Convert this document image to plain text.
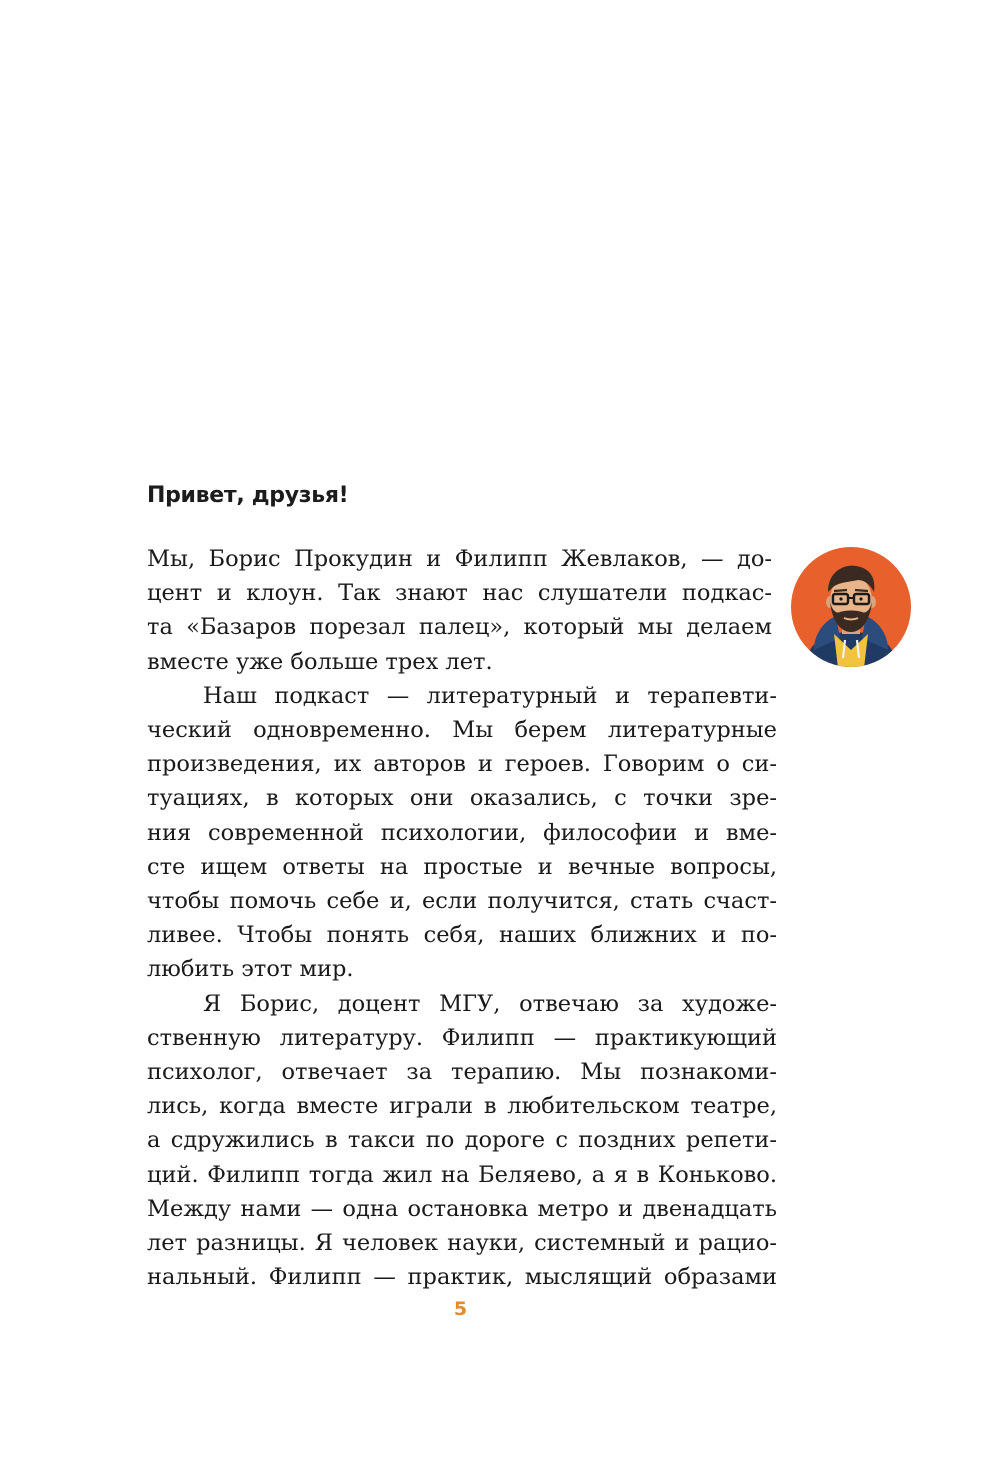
Привет, друзья!

Мы, Борис Прокудин и Филипп Жевлаков, — до-
цент и клоун. Так знают нас слушатели подкас-
та «Базаров порезал палец», который мы делаем
вместе уже больше трех лет.

Наш подкаст — литературный и терапевти-
ческий одновременно. Мы берем литературные
произведения, их авторов и героев. Говорим о си-
туациях, в которых они оказались, с точки зре-
ния современной психологии, философии и вме-
сте ищем ответы на простые и вечные вопросы,
чтобы помочь себе и, если получится, стать счаст-
ливее. Чтобы понять себя, наших ближних и по-
любить этот мир.

Я Борис, доцент МГУ, отвечаю за художе-
ственную литературу. Филипп — практикующий
психолог, отвечает за терапию. Мы познакоми-
лись, когда вместе играли в любительском театре,
а сдружились в такси по дороге с поздних репети-
ций. Филипп тогда жил на Беляево, а я в Коньково.
Между нами — одна остановка метро и двенадцать
лет разницы. Я человек науки, системный и рацио-
нальный. Филипп — практик, мыслящий образами

5
